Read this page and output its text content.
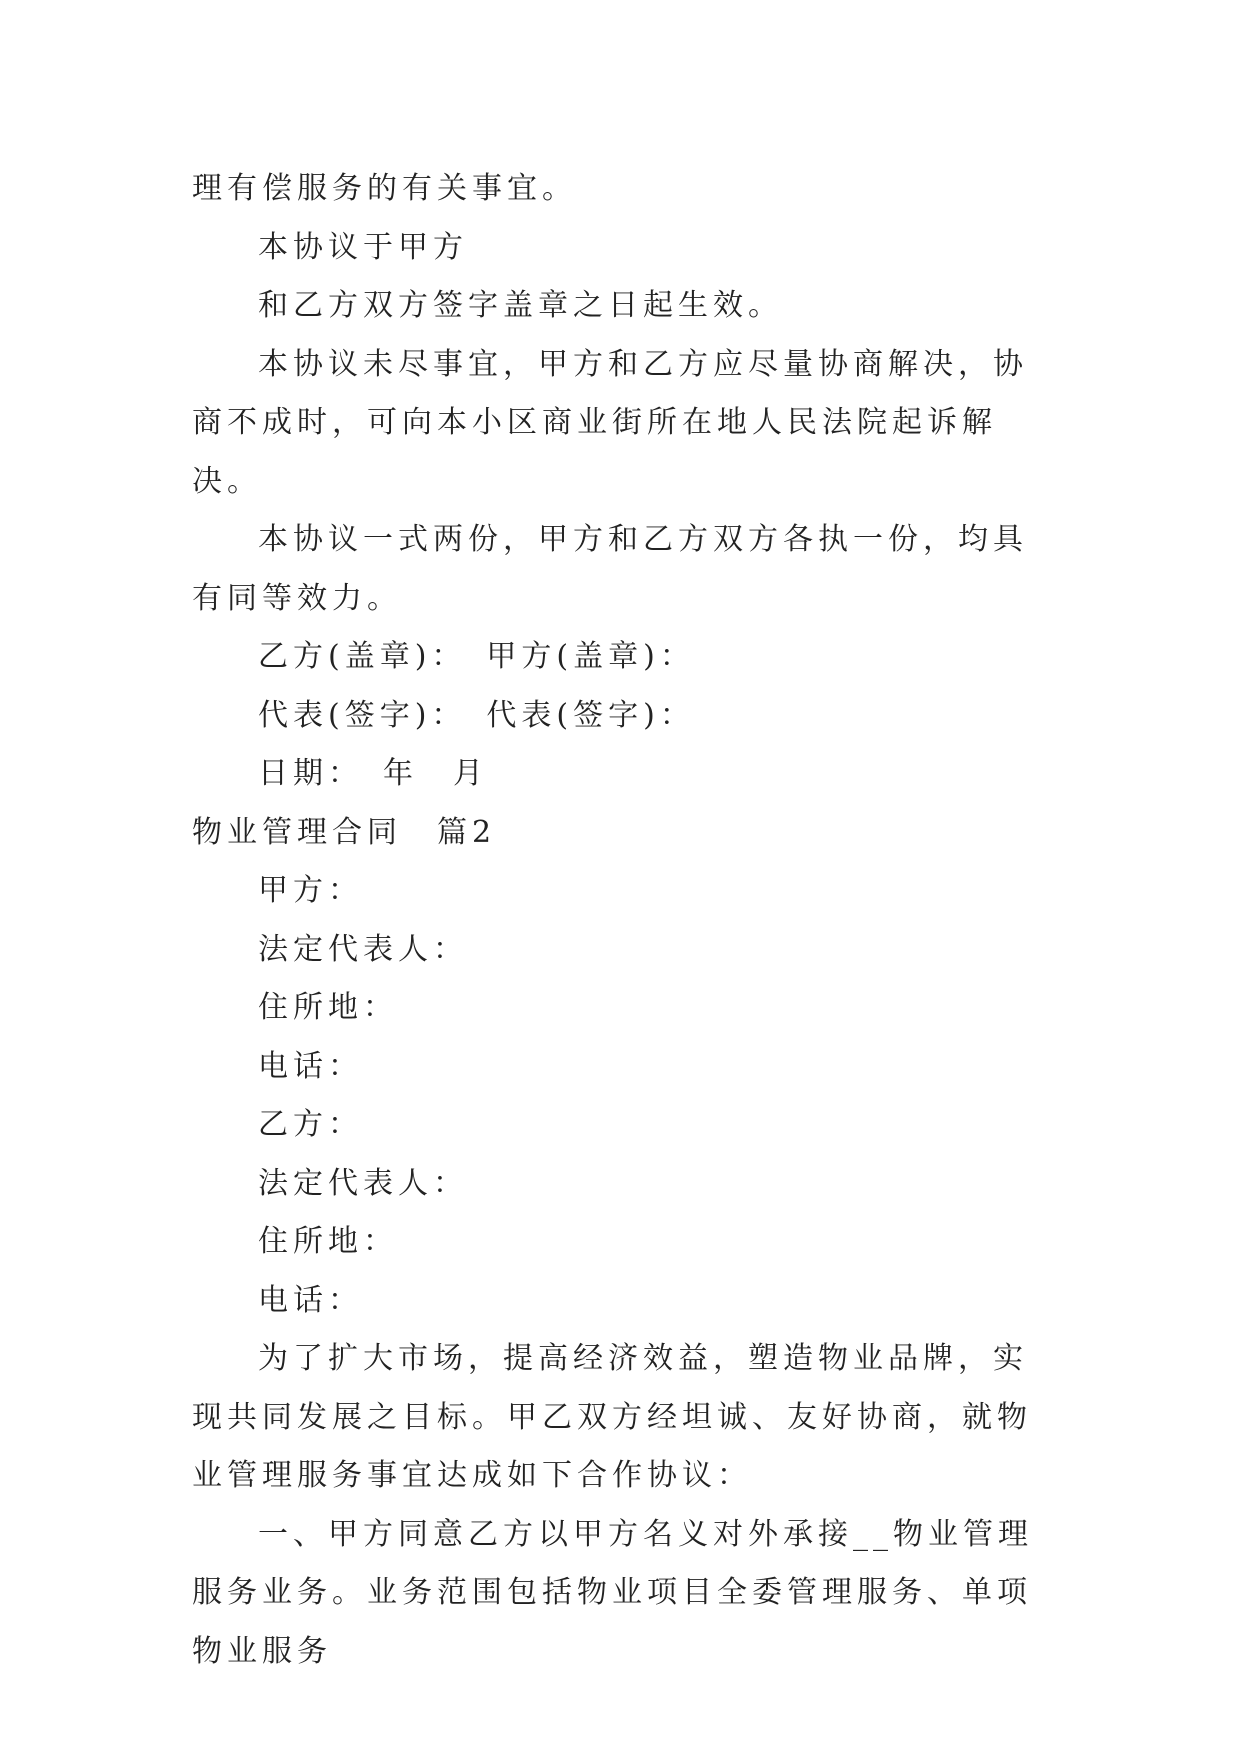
理有偿服务的有关事宜。

本协议于甲方

和乙方双方签字盖章之日起生效。

本协议未尽事宜，甲方和乙方应尽量协商解决，协商不成时，可向本小区商业街所在地人民法院起诉解决。

本协议一式两份，甲方和乙方双方各执一份，均具有同等效力。

乙方(盖章)：　甲方(盖章)：

代表(签字)：　代表(签字)：

日期：　年　月

物业管理合同　篇2

甲方：

法定代表人：

住所地：

电话：

乙方：

法定代表人：

住所地：

电话：

为了扩大市场，提高经济效益，塑造物业品牌，实现共同发展之目标。甲乙双方经坦诚、友好协商，就物业管理服务事宜达成如下合作协议：

一、甲方同意乙方以甲方名义对外承接__物业管理服务业务。业务范围包括物业项目全委管理服务、单项物业服务
